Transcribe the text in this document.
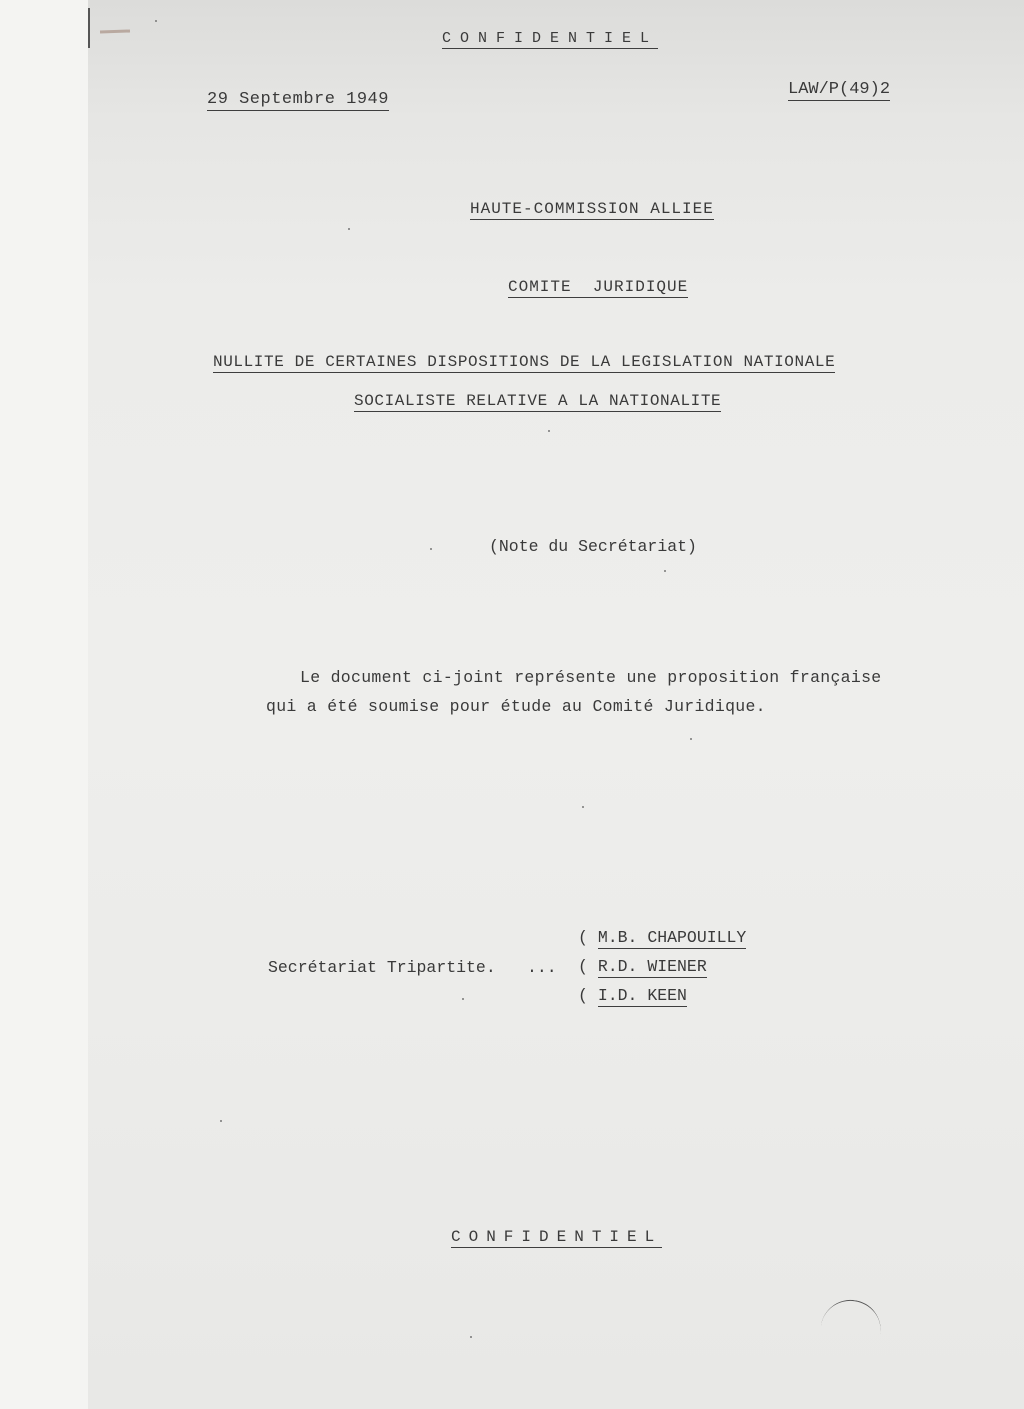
CONFIDENTIEL
29 Septembre 1949
LAW/P(49)2
HAUTE-COMMISSION ALLIEE
COMITE  JURIDIQUE
NULLITE DE CERTAINES DISPOSITIONS DE LA LEGISLATION NATIONALE
SOCIALISTE RELATIVE A LA NATIONALITE
(Note du Secrétariat)
Le document ci-joint représente une proposition française
qui a été soumise pour étude au Comité Juridique.
Secrétariat Tripartite. ...
( M.B. CHAPOUILLY
( R.D. WIENER
( I.D. KEEN
CONFIDENTIEL
